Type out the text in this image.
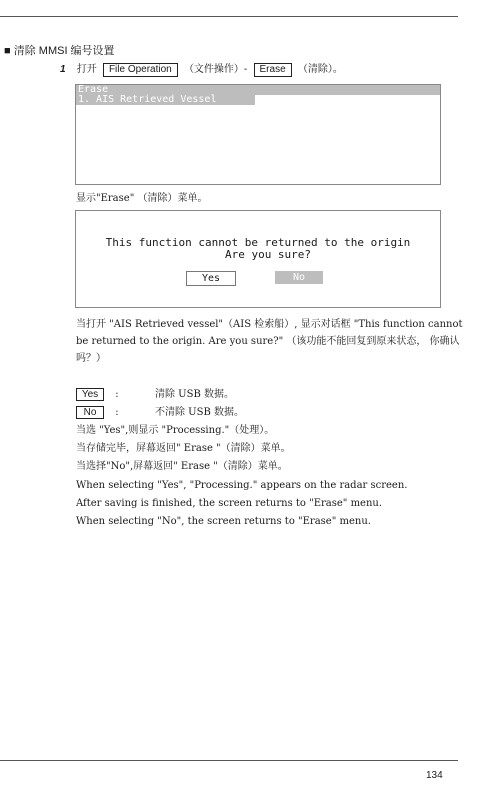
■ 清除 MMSI 编号设置
1 打开 File Operation （文件操作）- Erase （清除）。
Erase
1. AIS Retrieved Vessel
显示"Erase" （清除）菜单。
This function cannot be returned to the origin
Are you sure?
Yes	No
当打开 "AIS Retrieved vessel"（AIS 检索船）, 显示对话框 "This function cannot
be returned to the origin. Are you sure?" （该功能不能回复到原来状态， 你确认
吗？）
Yes :	清除 USB 数据。
No :	不清除 USB 数据。
当选 "Yes",则显示 "Processing."（处理）。
当存储完毕，屏幕返回" Erase "（清除）菜单。
当选择"No",屏幕返回" Erase "（清除）菜单。
When selecting "Yes", "Processing." appears on the radar screen.
After saving is finished, the screen returns to "Erase" menu.
When selecting "No", the screen returns to "Erase" menu.
134
